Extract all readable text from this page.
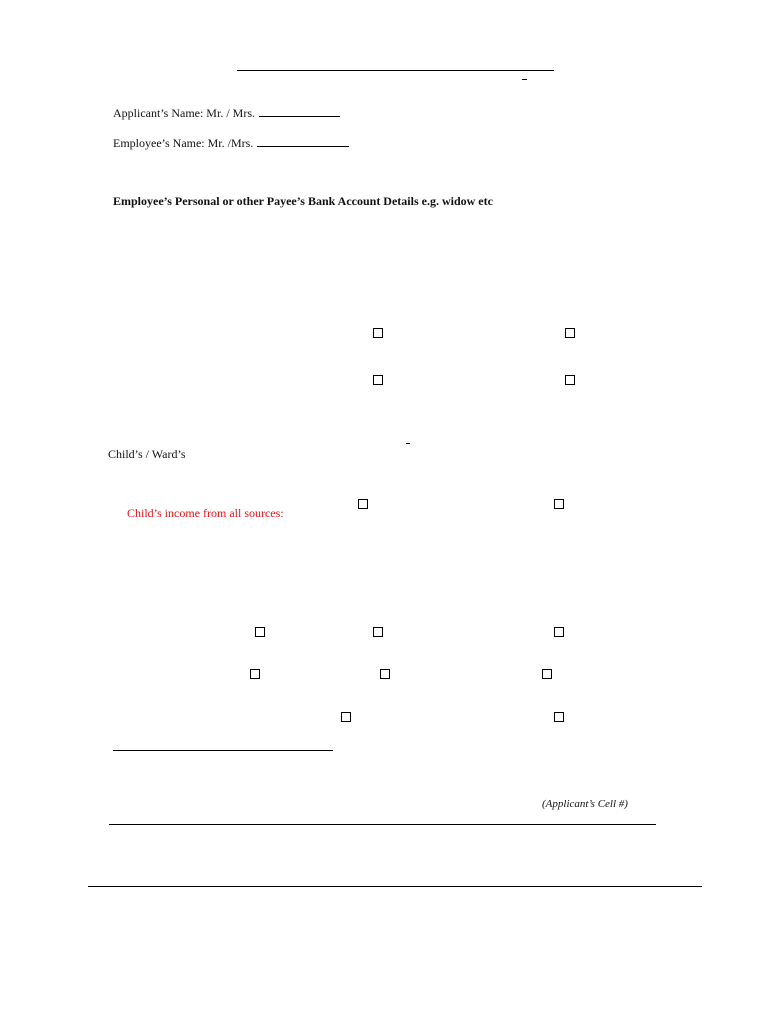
Applicant’s Name: Mr. / Mrs.
Employee’s Name: Mr. /Mrs.
Employee’s Personal or other Payee’s Bank Account Details e.g. widow etc
Child’s / Ward’s
Child’s income from all sources:
(Applicant’s Cell #)
